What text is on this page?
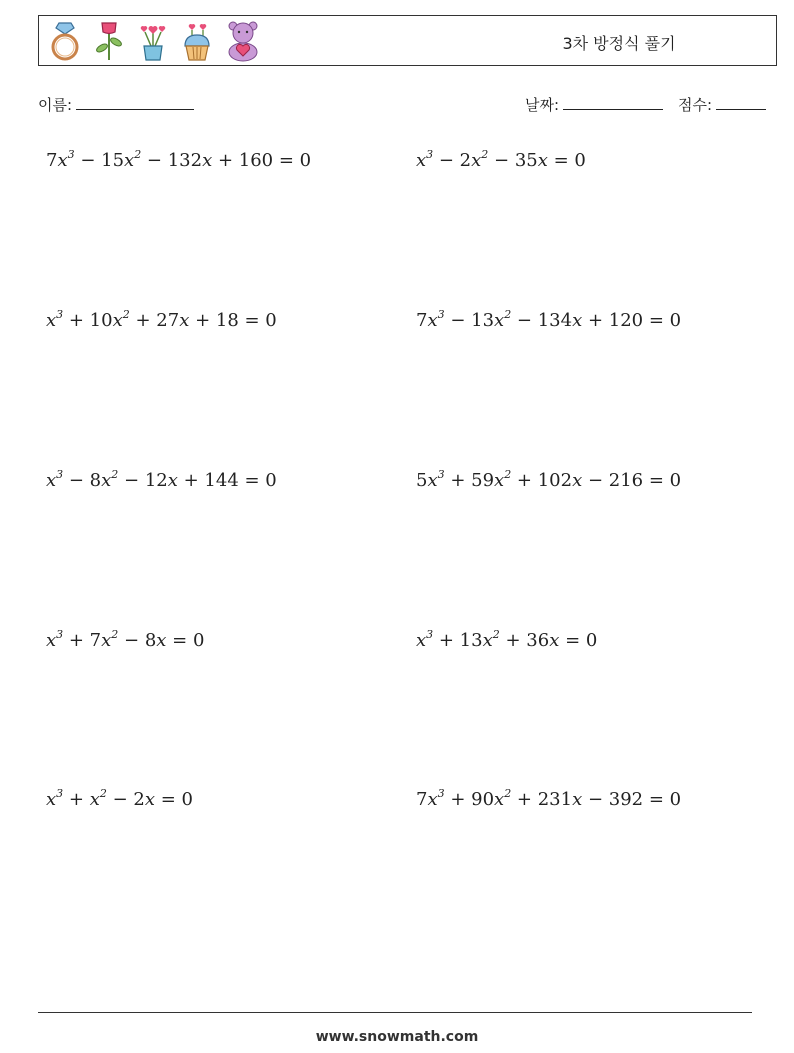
3차 방정식 풀기
이름:	날짜:	점수:
$7x^3 - 15x^2 - 132x + 160 = 0$	$x^3 - 2x^2 - 35x = 0$
$x^3 + 10x^2 + 27x + 18 = 0$	$7x^3 - 13x^2 - 134x + 120 = 0$
$x^3 - 8x^2 - 12x + 144 = 0$	$5x^3 + 59x^2 + 102x - 216 = 0$
$x^3 + 7x^2 - 8x = 0$	$x^3 + 13x^2 + 36x = 0$
$x^3 + x^2 - 2x = 0$	$7x^3 + 90x^2 + 231x - 392 = 0$
www.snowmath.com
